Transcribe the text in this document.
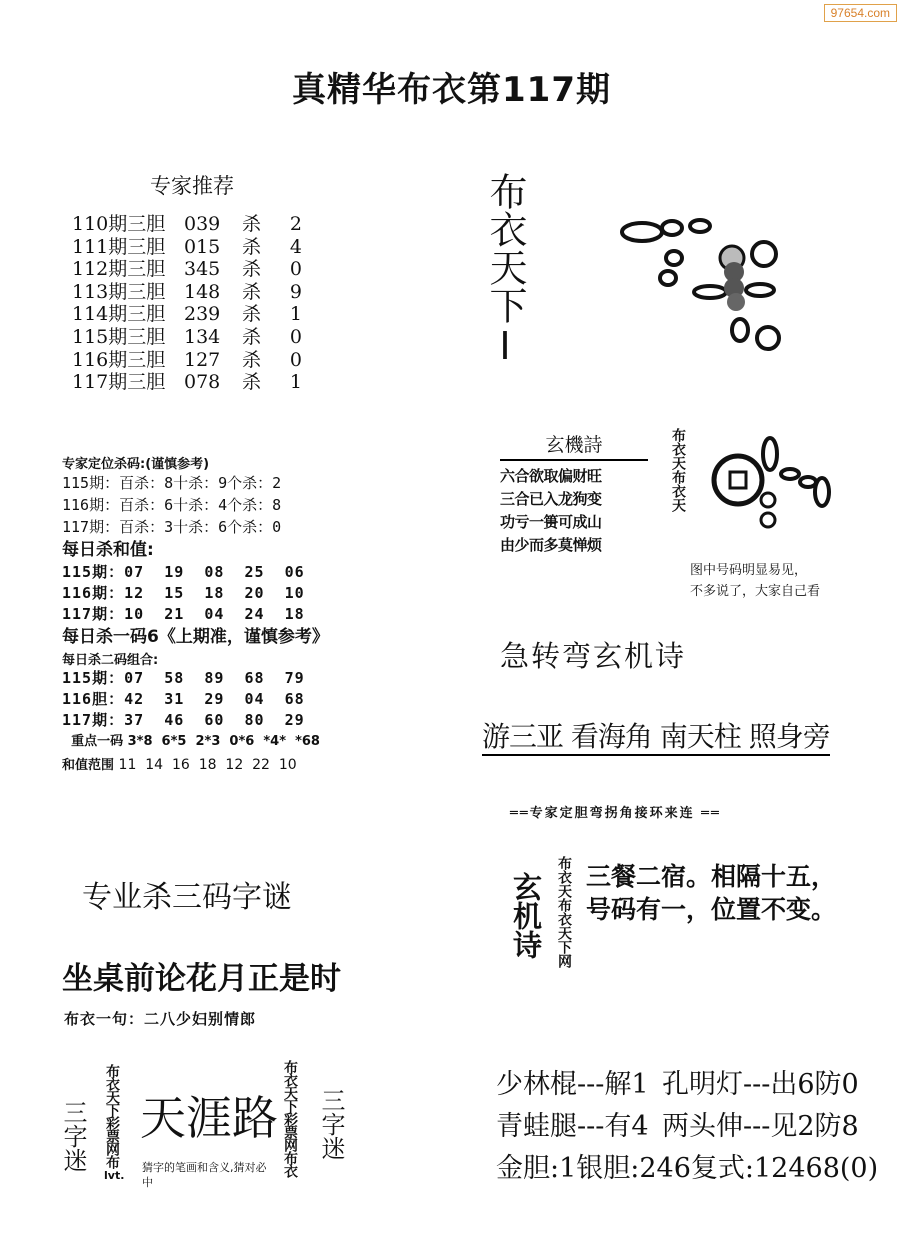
97654.com
真精华布衣第117期
专家推荐
110期三胆 039	杀	2
111期三胆 015	杀	4
112期三胆 345	杀	0
113期三胆 148	杀	9
114期三胆 239	杀	1
115期三胆 134	杀	0
116期三胆 127	杀	0
117期三胆 078	杀	1
专家定位杀码:(谨慎参考)
115期：百杀：8十杀：9个杀：2
116期：百杀：6十杀：4个杀：8
117期：百杀：3十杀：6个杀：0
每日杀和值:
115期：07  19  08  25  06
116期：12  15  18  20  10
117期：10  21  04  24  18
每日杀一码6《上期准，谨慎参考》
每日杀二码组合:
115期：07  58  89  68  79
116胆：42  31  29  04  68
117期：37  46  60  80  29
重点一码 3*8  6*5  2*3  0*6  *4*  *68
和值范围 11  14  16  18  12  22  10
专业杀三码字谜
坐桌前论花月正是时
布衣一句：二八少妇别情郎
三字迷 布衣天下彩票网布
lvt.
天涯路
猜字的笔画和含义,猜对必中
布衣天下彩票网布衣 三字迷
布衣天下I
玄機詩
六合欲取偏财旺
三合已入龙狗变
功亏一篑可成山
由少而多莫惮烦
布衣天布衣天
图中号码明显易见，
不多说了，大家自己看
急转弯玄机诗
游三亚 看海角 南天柱 照身旁
══专家定胆弯拐角接环来连 ══
玄机诗 布衣天布衣天下网 三餐二宿。相隔十五，
号码有一，位置不变。
少林棍---解1 孔明灯---出6防0
青蛙腿---有4 两头伸---见2防8
金胆:1银胆:246复式:12468(0)
